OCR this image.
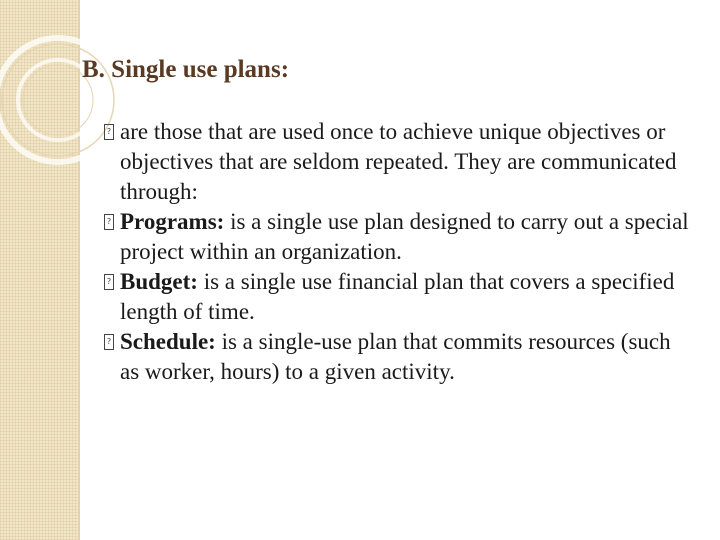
B. Single use plans:

? are those that are used once to achieve unique objectives or objectives that are seldom repeated. They are communicated through:

? Programs: is a single use plan designed to carry out a special project within an organization.

? Budget: is a single use financial plan that covers a specified length of time.

? Schedule: is a single-use plan that commits resources (such as worker, hours) to a given activity.
